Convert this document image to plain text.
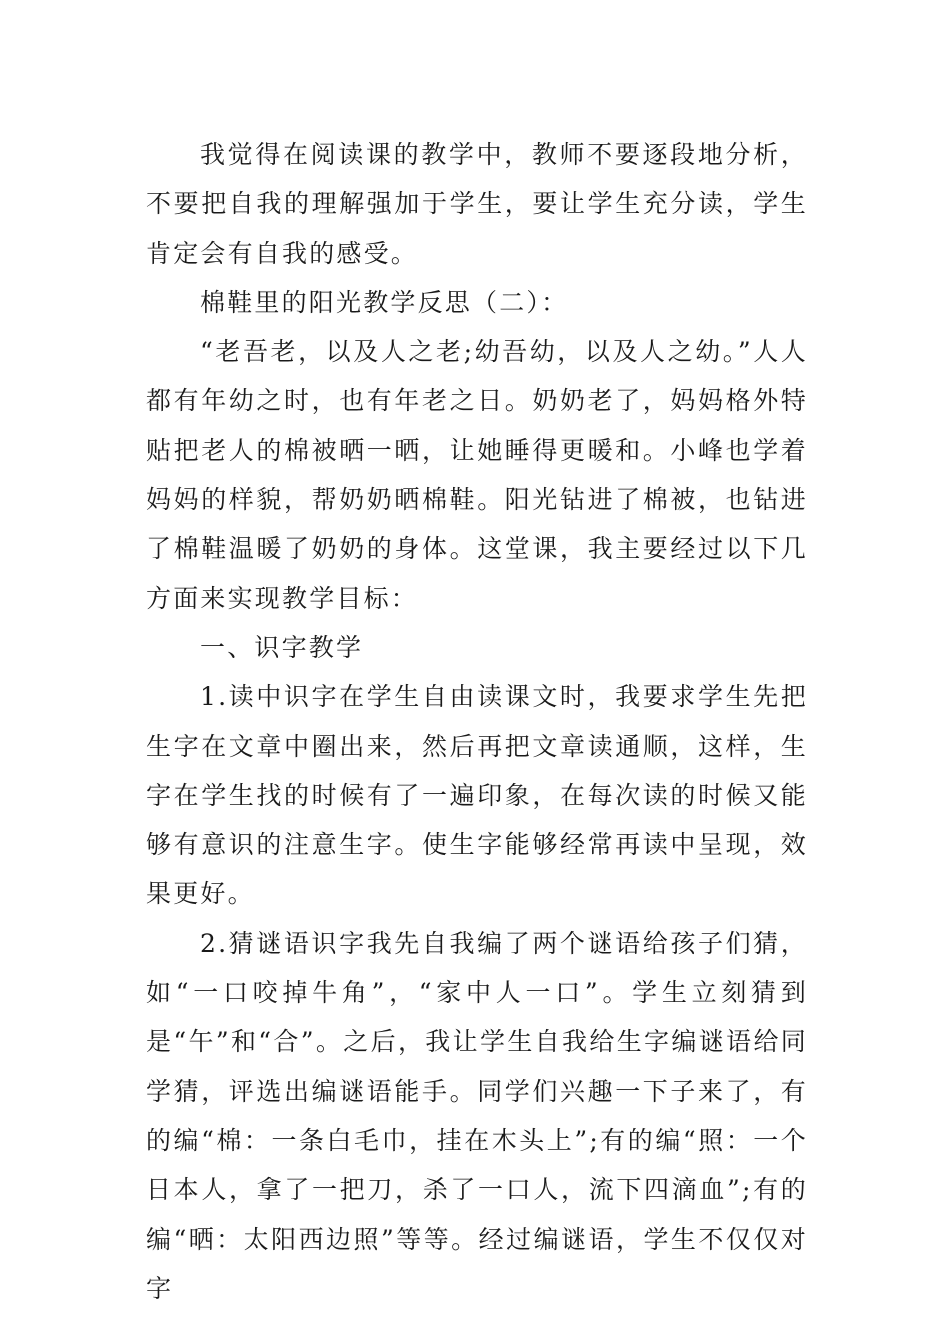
我觉得在阅读课的教学中，教师不要逐段地分析，不要把自我的理解强加于学生，要让学生充分读，学生肯定会有自我的感受。

棉鞋里的阳光教学反思（二）：

“老吾老，以及人之老;幼吾幼，以及人之幼。”人人都有年幼之时，也有年老之日。奶奶老了，妈妈格外特贴把老人的棉被晒一晒，让她睡得更暖和。小峰也学着妈妈的样貌，帮奶奶晒棉鞋。阳光钻进了棉被，也钻进了棉鞋温暖了奶奶的身体。这堂课，我主要经过以下几方面来实现教学目标：

一、识字教学

1.读中识字在学生自由读课文时，我要求学生先把生字在文章中圈出来，然后再把文章读通顺，这样，生字在学生找的时候有了一遍印象，在每次读的时候又能够有意识的注意生字。使生字能够经常再读中呈现，效果更好。

2.猜谜语识字我先自我编了两个谜语给孩子们猜，如“一口咬掉牛角”，“家中人一口”。学生立刻猜到是“午”和“合”。之后，我让学生自我给生字编谜语给同学猜，评选出编谜语能手。同学们兴趣一下子来了，有的编“棉：一条白毛巾，挂在木头上”;有的编“照：一个日本人，拿了一把刀，杀了一口人，流下四滴血”;有的编“晒：太阳西边照”等等。经过编谜语，学生不仅仅对字
